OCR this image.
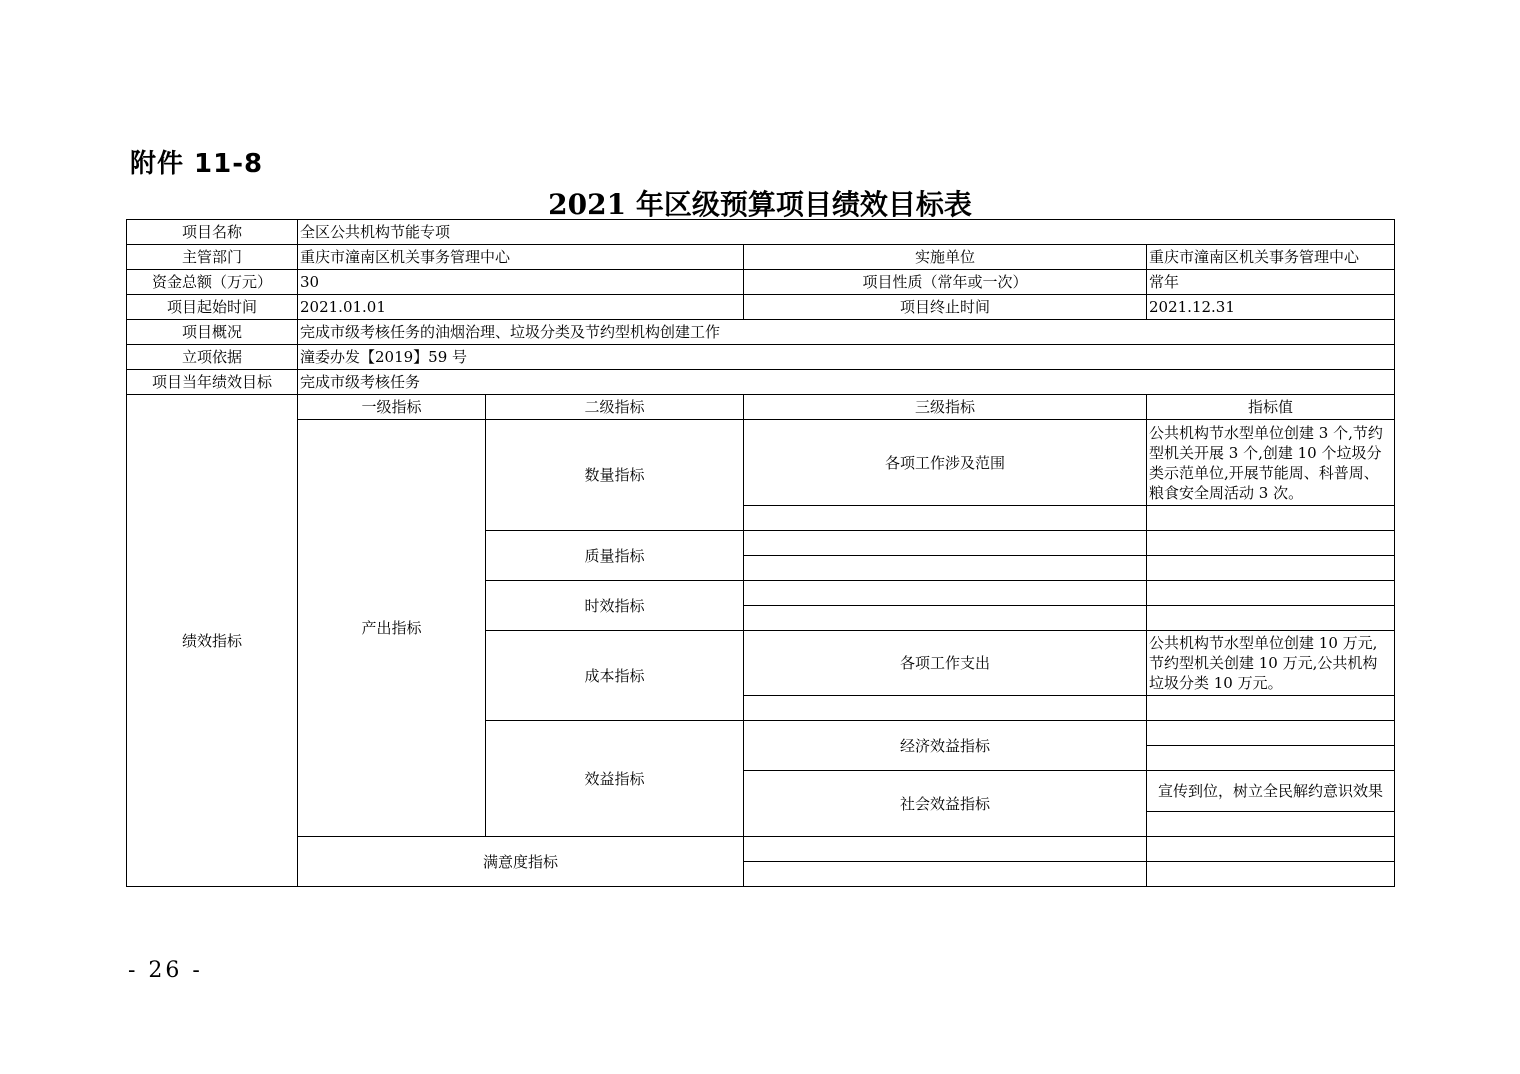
附件 11-8
2021 年区级预算项目绩效目标表
项目名称	全区公共机构节能专项				
主管部门	重庆市潼南区机关事务管理中心		实施单位	重庆市潼南区机关事务管理中心	
资金总额（万元）	30		项目性质（常年或一次）	常年	
项目起始时间	2021.01.01		项目终止时间	2021.12.31	
项目概况	完成市级考核任务的油烟治理、垃圾分类及节约型机构创建工作				
立项依据	潼委办发【2019】59 号				
项目当年绩效目标	完成市级考核任务				
绩效指标	一级指标	二级指标	三级指标	指标值	
	产出指标	数量指标	各项工作涉及范围	公共机构节水型单位创建 3 个,节约型机关开展 3 个,创建 10 个垃圾分类示范单位,开展节能周、科普周、粮食安全周活动 3 次。	

		质量指标			

		时效指标			

		成本指标	各项工作支出	公共机构节水型单位创建 10 万元,节约型机关创建 10 万元,公共机构垃圾分类 10 万元。	

		效益指标	经济效益指标		

			社会效益指标	宣传到位，树立全民解约意识效果	

	满意度指标				

- 26 -
